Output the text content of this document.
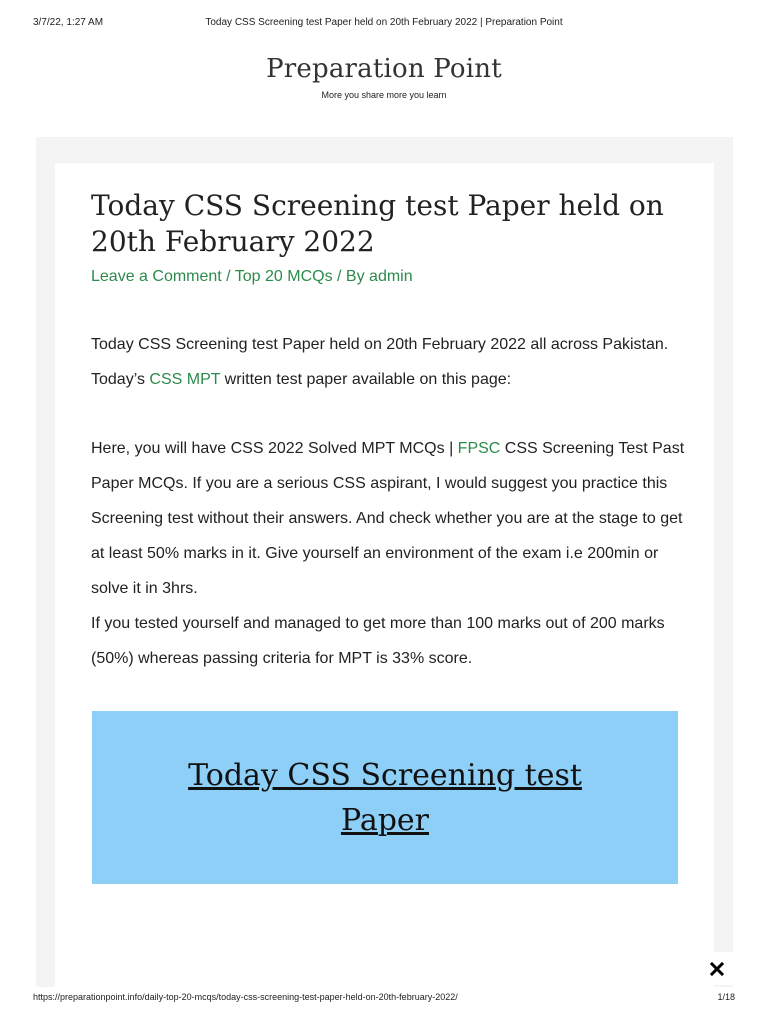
3/7/22, 1:27 AM	Today CSS Screening test Paper held on 20th February 2022 | Preparation Point
Preparation Point
More you share more you learn
Today CSS Screening test Paper held on 20th February 2022
Leave a Comment / Top 20 MCQs / By admin
Today CSS Screening test Paper held on 20th February 2022 all across Pakistan. Today’s CSS MPT written test paper available on this page:
Here, you will have CSS 2022 Solved MPT MCQs | FPSC CSS Screening Test Past Paper MCQs. If you are a serious CSS aspirant, I would suggest you practice this Screening test without their answers. And check whether you are at the stage to get at least 50% marks in it. Give yourself an environment of the exam i.e 200min or solve it in 3hrs.
If you tested yourself and managed to get more than 100 marks out of 200 marks (50%) whereas passing criteria for MPT is 33% score.
Today CSS Screening test Paper
https://preparationpoint.info/daily-top-20-mcqs/today-css-screening-test-paper-held-on-20th-february-2022/	1/18
